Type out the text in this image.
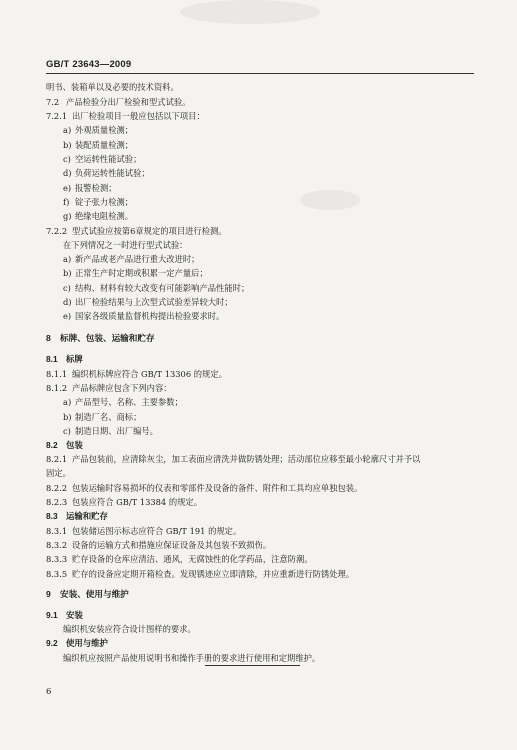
GB/T 23643—2009
明书、装箱单以及必要的技术资料。
7.2 产品检验分出厂检验和型式试验。
7.2.1 出厂检验项目一般应包括以下项目：
a) 外观质量检测；
b) 装配质量检测；
c) 空运转性能试验；
d) 负荷运转性能试验；
e) 报警检测；
f) 锭子张力检测；
g) 绝缘电阻检测。
7.2.2 型式试验应按第6章规定的项目进行检测。
在下列情况之一时进行型式试验：
a) 新产品或老产品进行重大改进时；
b) 正常生产时定期或积累一定产量后；
c) 结构、材料有较大改变有可能影响产品性能时；
d) 出厂检验结果与上次型式试验差异较大时；
e) 国家各级质量监督机构提出检验要求时。
8 标牌、包装、运输和贮存
8.1 标牌
8.1.1 编织机标牌应符合 GB/T 13306 的规定。
8.1.2 产品标牌应包含下列内容：
a) 产品型号、名称、主要参数；
b) 制造厂名、商标；
c) 制造日期、出厂编号。
8.2 包装
8.2.1 产品包装前，应清除灰尘，加工表面应清洗并做防锈处理；活动部位应移至最小轮廓尺寸并予以
固定。
8.2.2 包装运输时容易损坏的仪表和零部件及设备的备件、附件和工具均应单独包装。
8.2.3 包装应符合 GB/T 13384 的规定。
8.3 运输和贮存
8.3.1 包装储运图示标志应符合 GB/T 191 的规定。
8.3.2 设备的运输方式和措施应保证设备及其包装不致损伤。
8.3.3 贮存设备的仓库应清洁、通风，无腐蚀性的化学药品，注意防潮。
8.3.5 贮存的设备应定期开箱检查。发现锈迹应立即清除，并应重新进行防锈处理。
9 安装、使用与维护
9.1 安装
编织机安装应符合设计图样的要求。
9.2 使用与维护
编织机应按照产品使用说明书和操作手册的要求进行使用和定期维护。
6
